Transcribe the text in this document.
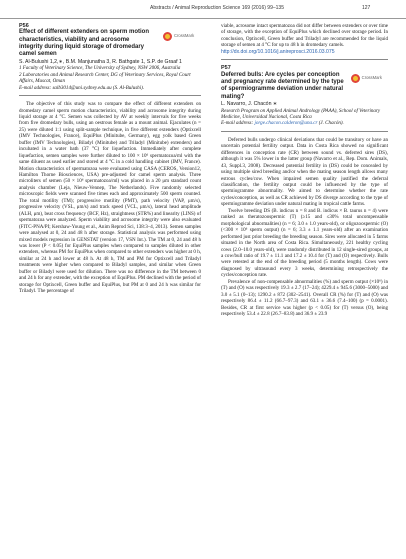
Abstracts / Animal Reproduction Science 169 (2016) 99–135	127

P56

Effect of different extenders on sperm motion characteristics, viability and acrosome integrity during liquid storage of dromedary camel semen

CrossMark

S. Al-Bulushi 1,2,∗, B.M. Manjunatha 3, R. Bathgate 1, S.P. de Graaf 1

1 Faculty of Veterinary Science, The University of Sydney, NSW 2006, Australia

2 Laboratories and Animal Research Center, DG of Veterinary Services, Royal Court Affairs, Muscat, Oman

E-mail address: salb3014@uni.sydney.edu.au (S. Al-Bulushi).

The objective of this study was to compare the effect of different extenders on dromedary camel sperm motion characteristics, viability and acrosome integrity during liquid storage at 4 °C. Semen was collected by AV at weekly intervals for five weeks from five dromedary bulls, using an oestrous female as a mount animal. Ejaculates (n = 25) were diluted 1:1 using split-sample technique, in five different extenders (Optixcell (IMV Technologies, France), EquiPlus (Minitube, Germany), egg yolk based Green buffer (IMV Technologies), Biladyl (Minitube) and Triladyl (Minitube) extenders) and incubated in a water bath (37 °C) for liquefaction. Immediately after complete liquefaction, semen samples were further diluted to 100 × 10⁶ spermatozoa/ml with the same diluent as used earlier and stored at 4 °C in a cold handling cabinet (IMV, France). Motion characteristics of spermatozoa were evaluated using CASA (CEROS, Version12, Hamilton Thorne Biosciences, USA) pre-adjusted for camel sperm analysis. Three microliters of semen (50 × 10⁶ spermatozoa/ml) was placed in a 20 μm standard count analysis chamber (Leja, Nieuw-Vennep, The Netherlands). Five randomly selected microscopic fields were scanned five times each and approximately 500 sperm counted. The total motility (TM); progressive motility (PMT), path velocity (VAP, μm/s), progressive velocity (VSL, μm/s) and track speed (VCL, μm/s), lateral head amplitude (ALH, μm), beat cross frequency (BCF, Hz), straightness (STR%) and linearity (LINS) of spermatozoa were analyzed. Sperm viability and acrosome integrity were also evaluated (FITC-PNA/PI; Kershaw-Young et al., Anim Reprod Sci, 138:3–4, 2013). Semen samples were analysed at 0, 24 and 48 h after storage. Statistical analysis was performed using mixed models regression in GENSTAT (version 17, VSN Int.). The TM at 0, 24 and 48 h was lower (P < 0.05) for EquiPlus samples when compared to samples diluted in other extenders, whereas PM for EquiPlus when compared to other extenders was higher at 0 h, similar at 24 h and lower at 48 h. At 48 h, TM and PM for Optixcell and Triladyl treatments were higher when compared to Biladyl samples, and similar when Green buffer or Biladyl were used for dilution. There was no difference in the TM between 0 and 24 h for any extender, with the exception of EquiPlus. PM declined with the period of storage for Optixcell, Green buffer and EquiPlus, but PM at 0 and 24 h was similar for Triladyl. The percentage of

viable, acrosome intact spermatozoa did not differ between extenders or over time of storage, with the exception of EquiPlus which declined over storage period. In conclusion, Optixcell, Green buffer and Triladyl are recommended for the liquid storage of semen at 4 °C for up to 48 h in dromedary camels.

http://dx.doi.org/10.1016/j.anireprosci.2016.03.075

P57

Deferred bulls: Are cycles per conception and pregnancy rate determined by the type of spermiogramme deviation under natural mating?

CrossMark

L. Navarro, J. Chacón ∗

Research Program on Applied Animal Andrology (PAAA), School of Veterinary Medicine, Universidad Nacional, Costa Rica

E-mail address: jorge.chacon.calderon@una.cr (J. Chacón).

Deferred bulls undergo clinical deviations that could be transitory or have an uncertain potential fertility output. Data in Costa Rica showed no significant differences in conception rate (CR) between sound vs. deferred sires (DS), although it was 5% lower in the latter group (Navarro et al., Rep. Dom. Animals, 43, Suppl.3, 2008). Decreased potential fertility in (DS) could be concealed by using multiple sired breeding and/or when the mating season length allows many estrous cycles/cow. When impaired semen quality justified the deferral classification, the fertility output could be influenced by the type of spermiogramme abnormality. We aimed to determine whether the rate cycles/conception, as well as CR achieved by DS diverge according to the type of spermiogramme deviation under natural mating in tropical cattle farms.

Twelve breeding DS (B. indicus n = 8 and B. indicus × B. taurus n = 4) were ranked as theratozoospermic (T) (≥15 and ≤30% total uncompensable morphological abnormalities) (n = 6; 3.0 ± 1.0 years-old), or oligozoospermic (O) (<300 × 10⁶ sperm output) (n = 6; 3.3 ± 1.1 years-old) after an examination performed just prior breeding the breeding season. Sires were allocated in 5 farms situated in the North area of Costa Rica. Simultaneously, 221 healthy cycling cows (2.0–10.0 years-old), were randomly distributed in 12 single-sired groups, at a cow/bull ratio of 19.7 ± 11.1 and 17.2 ± 10.4 for (T) and (O) respectively. Bulls were retested at the end of the breeding period (5 months length). Cows were diagnosed by ultrasound every 3 weeks, determining retrospectively the cycles/conception rate.

Prevalence of non-compensable abnormalities (%) and sperm output (×10⁶) in (T) and (O) was respectively 19.3 ± 2.7 (17–24); 4229.4 ± 945.6 (3000–5000) and 3.0 ± 5.1 (0–13); 1290.2 ± 872 (302–2541). Overall CR (%) for (T) and (O) was respectively 86.4 ± 11.2 (66.7–97.3) and 63.1 ± 36.6 (7.4–100) (p = 0.0001). Besides, CR at first service was higher (p < 0.05) for (T) versus (O), being respectively 53.4 ± 22.8 (26.7–83.8) and 36.9 ± 23.9
